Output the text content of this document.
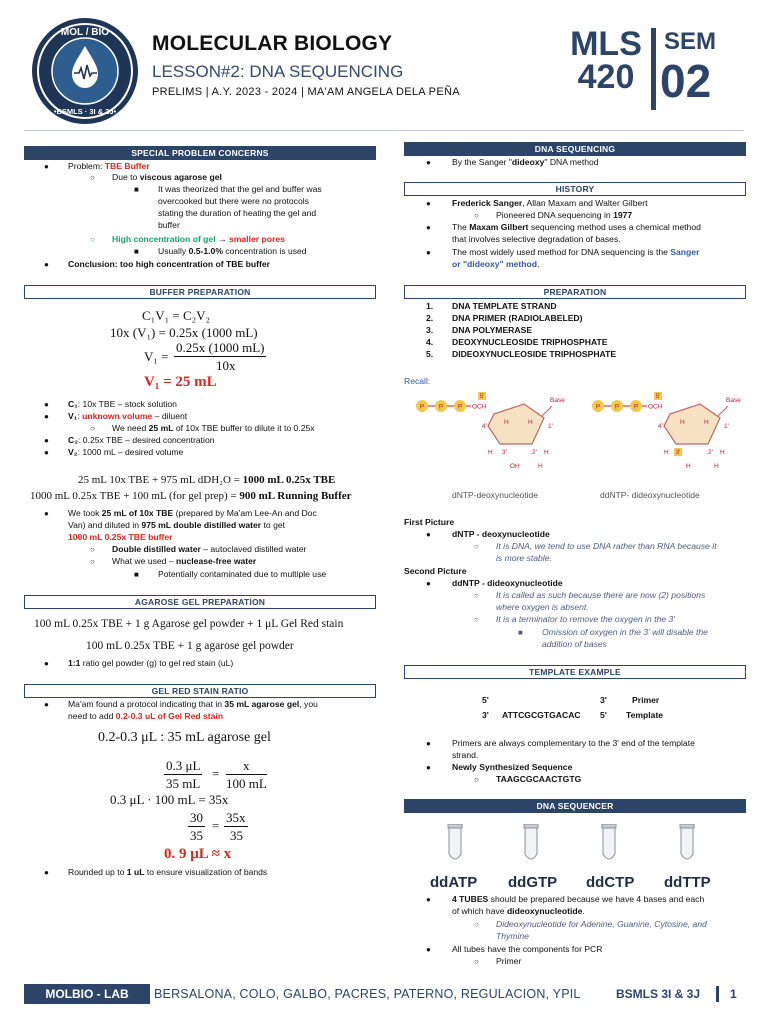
MOL / BIO
•BSMLS · 3I & 3J•
MOLECULAR BIOLOGY
LESSON#2: DNA SEQUENCING
PRELIMS | A.Y. 2023 - 2024 | MA'AM ANGELA DELA PEÑA
MLS
420
SEM
02
SPECIAL PROBLEM CONCERNS
● Problem: TBE Buffer
○ Due to viscous agarose gel
■ It was theorized that the gel and buffer was
overcooked but there were no protocols
stating the duration of heating the gel and
buffer
○ High concentration of gel → smaller pores
■ Usually 0.5-1.0% concentration is used
● Conclusion: too high concentration of TBE buffer
BUFFER PREPARATION
C₁V₁ = C₂V₂
10x (V₁) = 0.25x (1000 mL)
V₁ =
0.25x (1000 mL)
10x
V₁ = 25 mL
● C₁: 10x TBE – stock solution
● V₁: unknown volume – diluent
○ We need 25 mL of 10x TBE buffer to dilute it to 0.25x
● C₂: 0.25x TBE – desired concentration
● V₂: 1000 mL – desired volume
25 mL 10x TBE + 975 mL dDH₂O = 1000 mL 0.25x TBE
1000 mL 0.25x TBE + 100 mL (for gel prep) = 900 mL Running Buffer
● We took 25 mL of 10x TBE (prepared by Ma'am Lee-An and Doc
Van) and diluted in 975 mL double distilled water to get
1000 mL 0.25x TBE buffer
○ Double distilled water – autoclaved distilled water
○ What we used – nuclease-free water
■ Potentially contaminated due to multiple use
AGAROSE GEL PREPARATION
100 mL 0.25x TBE + 1 g Agarose gel powder + 1 μL Gel Red stain
100 mL 0.25x TBE + 1 g agarose gel powder
● 1:1 ratio gel powder (g) to gel red stain (uL)
GEL RED STAIN RATIO
● Ma'am found a protocol indicating that in 35 mL agarose gel, you
need to add 0.2-0.3 uL of Gel Red stain
0.2-0.3 μL : 35 mL agarose gel
0.3 μL
35 mL
=
x
100 mL
0.3 μL · 100 mL = 35x
30
35
=
35x
35
0. 9 μL ≈ x
● Rounded up to 1 uL to ensure visualization of bands
DNA SEQUENCING
● By the Sanger "dideoxy" DNA method
HISTORY
● Frederick Sanger, Allan Maxam and Walter Gilbert
○ Pioneered DNA sequencing in 1977
● The Maxam Gilbert sequencing method uses a chemical method
that involves selective degradation of bases.
● The most widely used method for DNA sequencing is the Sanger
or "dideoxy" method.
PREPARATION
1. DNA TEMPLATE STRAND
2. DNA PRIMER (RADIOLABELED)
3. DNA POLYMERASE
4. DEOXYNUCLEOSIDE TRIPHOSPHATE
5. DIDEOXYNUCLEOSIDE TRIPHOSPHATE
Recall:
P P P OCH
5'
Base
4'
H	H
1'
3'	2'
H	H
OH	H
dNTP-deoxynucleotide
P P P OCH
5'
Base
4'
H	H
1'
3'	2'
H	H
H	H
ddNTP- dideoxynucleotide
First Picture
● dNTP - deoxynucleotide
○ It is DNA, we tend to use DNA rather than RNA because it
is more stable.
Second Picture
● ddNTP - dideoxynucleotide
○ It is called as such because there are now (2) positions
where oxygen is absent.
○ It is a terminator to remove the oxygen in the 3'
■ Omission of oxygen in the 3' will disable the
addition of bases
TEMPLATE EXAMPLE
5'	3'	Primer
3' ATTCGCGTGACAC 5' Template
● Primers are always complementary to the 3' end of the template
strand.
● Newly Synthesized Sequence
○ TAAGCGCAACTGTG
DNA SEQUENCER
ddATP ddGTP ddCTP ddTTP
● 4 TUBES should be prepared because we have 4 bases and each
of which have dideoxynucleotide.
○ Dideoxynucleotide for Adenine, Guanine, Cytosine, and
Thymine
● All tubes have the components for PCR
○ Primer
MOLBIO - LAB	BERSALONA, COLO, GALBO, PACRES, PATERNO, REGULACION, YPIL	BSMLS 3I & 3J 1
